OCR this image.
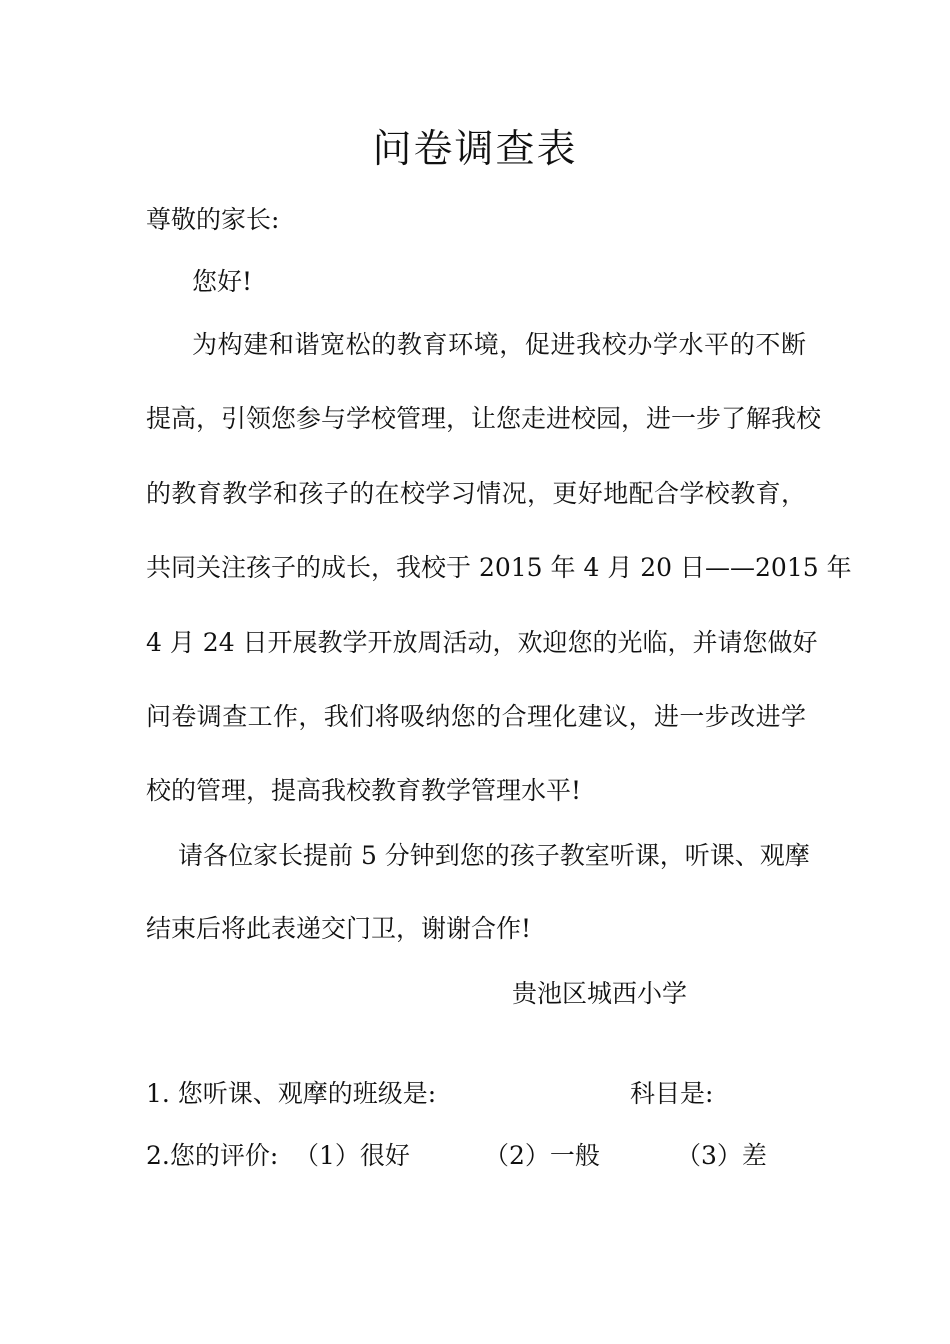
问卷调查表
尊敬的家长:
您好!
为构建和谐宽松的教育环境，促进我校办学水平的不断
提高，引领您参与学校管理，让您走进校园，进一步了解我校
的教育教学和孩子的在校学习情况，更好地配合学校教育，
共同关注孩子的成长，我校于 2015 年 4 月 20 日——2015 年
4 月 24 日开展教学开放周活动，欢迎您的光临，并请您做好
问卷调查工作，我们将吸纳您的合理化建议，进一步改进学
校的管理，提高我校教育教学管理水平!
请各位家长提前 5 分钟到您的孩子教室听课，听课、观摩
结束后将此表递交门卫，谢谢合作!
贵池区城西小学
1. 您听课、观摩的班级是:	科目是:
2.您的评价: （1）很好	（2）一般	（3）差
